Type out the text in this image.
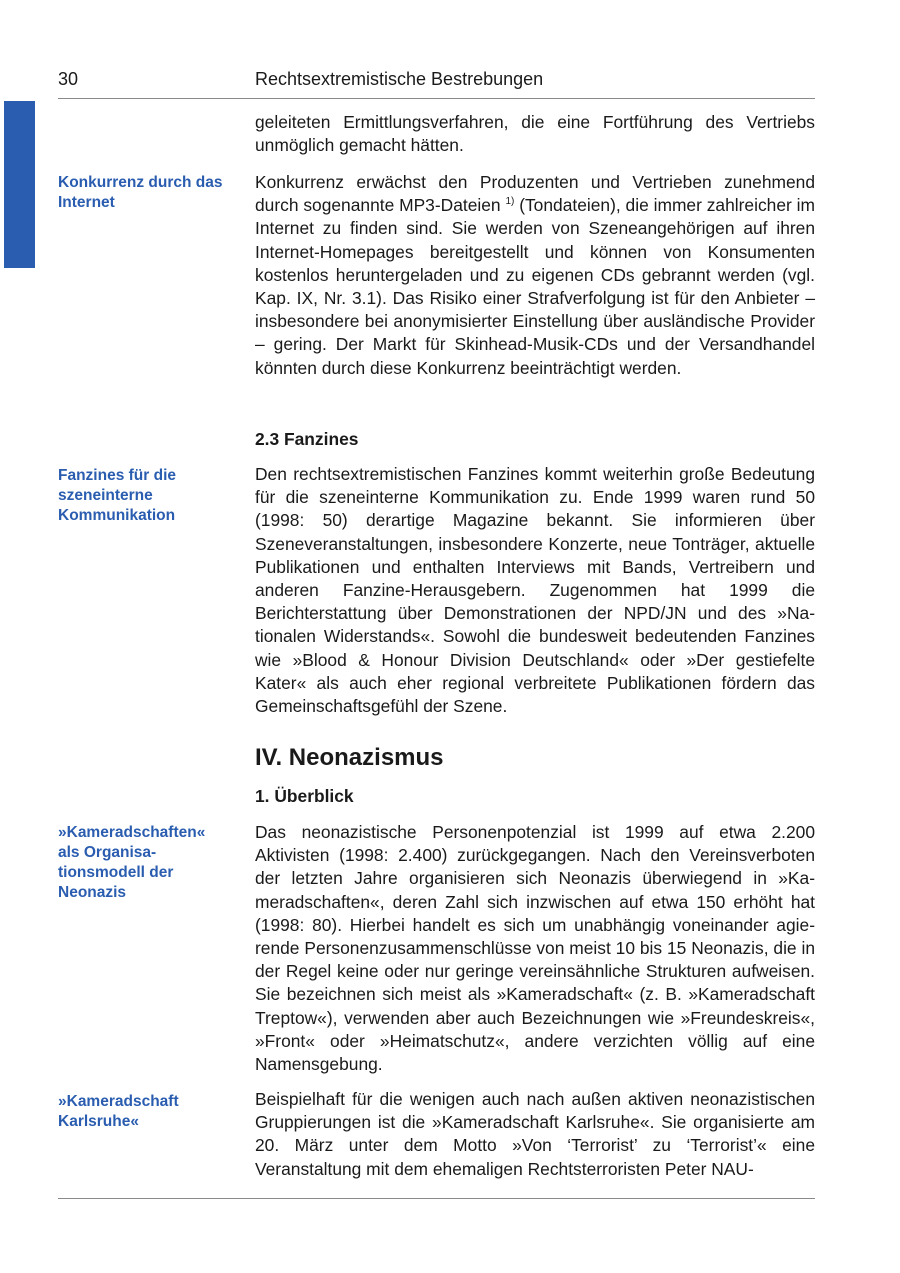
30	Rechtsextremistische Bestrebungen

geleiteten Ermittlungsverfahren, die eine Fortführung des Vertriebs unmöglich gemacht hätten.

Konkurrenz durch das Internet

Konkurrenz erwächst den Produzenten und Vertrieben zunehmend durch sogenannte MP3-Dateien $^{1)}$ (Tondateien), die immer zahlreicher im Internet zu finden sind. Sie werden von Szeneangehörigen auf ihren Internet-Homepages bereitgestellt und können von Konsumenten kostenlos heruntergeladen und zu eigenen CDs gebrannt werden (vgl. Kap. IX, Nr. 3.1). Das Risiko einer Strafverfolgung ist für den Anbieter – insbesondere bei anonymisierter Einstellung über ausländische Provider – gering. Der Markt für Skinhead-Musik-CDs und der Versandhandel könnten durch diese Konkurrenz beeinträchtigt werden.

2.3 Fanzines

Fanzines für die szeneinterne Kommunikation

Den rechtsextremistischen Fanzines kommt weiterhin große Bedeutung für die szeneinterne Kommunikation zu. Ende 1999 waren rund 50 (1998: 50) derartige Magazine bekannt. Sie informieren über Szeneveranstaltungen, insbesondere Konzerte, neue Tonträger, aktuelle Publikationen und enthalten Interviews mit Bands, Vertreibern und anderen Fanzine-Herausgebern. Zugenommen hat 1999 die Berichterstattung über Demonstrationen der NPD/JN und des »Nationalen Widerstands«. Sowohl die bundesweit bedeutenden Fanzines wie »Blood & Honour Division Deutschland« oder »Der gestiefelte Kater« als auch eher regional verbreitete Publikationen fördern das Gemeinschaftsgefühl der Szene.

IV. Neonazismus
1. Überblick

»Kameradschaften« als Organisa-tionsmodell der Neonazis

Das neonazistische Personenpotenzial ist 1999 auf etwa 2.200 Aktivisten (1998: 2.400) zurückgegangen. Nach den Vereinsverboten der letzten Jahre organisieren sich Neonazis überwiegend in »Kameradschaften«, deren Zahl sich inzwischen auf etwa 150 erhöht hat (1998: 80). Hierbei handelt es sich um unabhängig voneinander agierende Personenzusammenschlüsse von meist 10 bis 15 Neonazis, die in der Regel keine oder nur geringe vereinsähnliche Strukturen aufweisen. Sie bezeichnen sich meist als »Kameradschaft« (z. B. »Kameradschaft Treptow«), verwenden aber auch Bezeichnungen wie »Freundeskreis«, »Front« oder »Heimatschutz«, andere verzichten völlig auf eine Namensgebung.

»Kameradschaft Karlsruhe«

Beispielhaft für die wenigen auch nach außen aktiven neonazistischen Gruppierungen ist die »Kameradschaft Karlsruhe«. Sie organisierte am 20. März unter dem Motto »Von ‘Terrorist’ zu ‘Terrorist’« eine Veranstaltung mit dem ehemaligen Rechtsterroristen Peter NAU-
